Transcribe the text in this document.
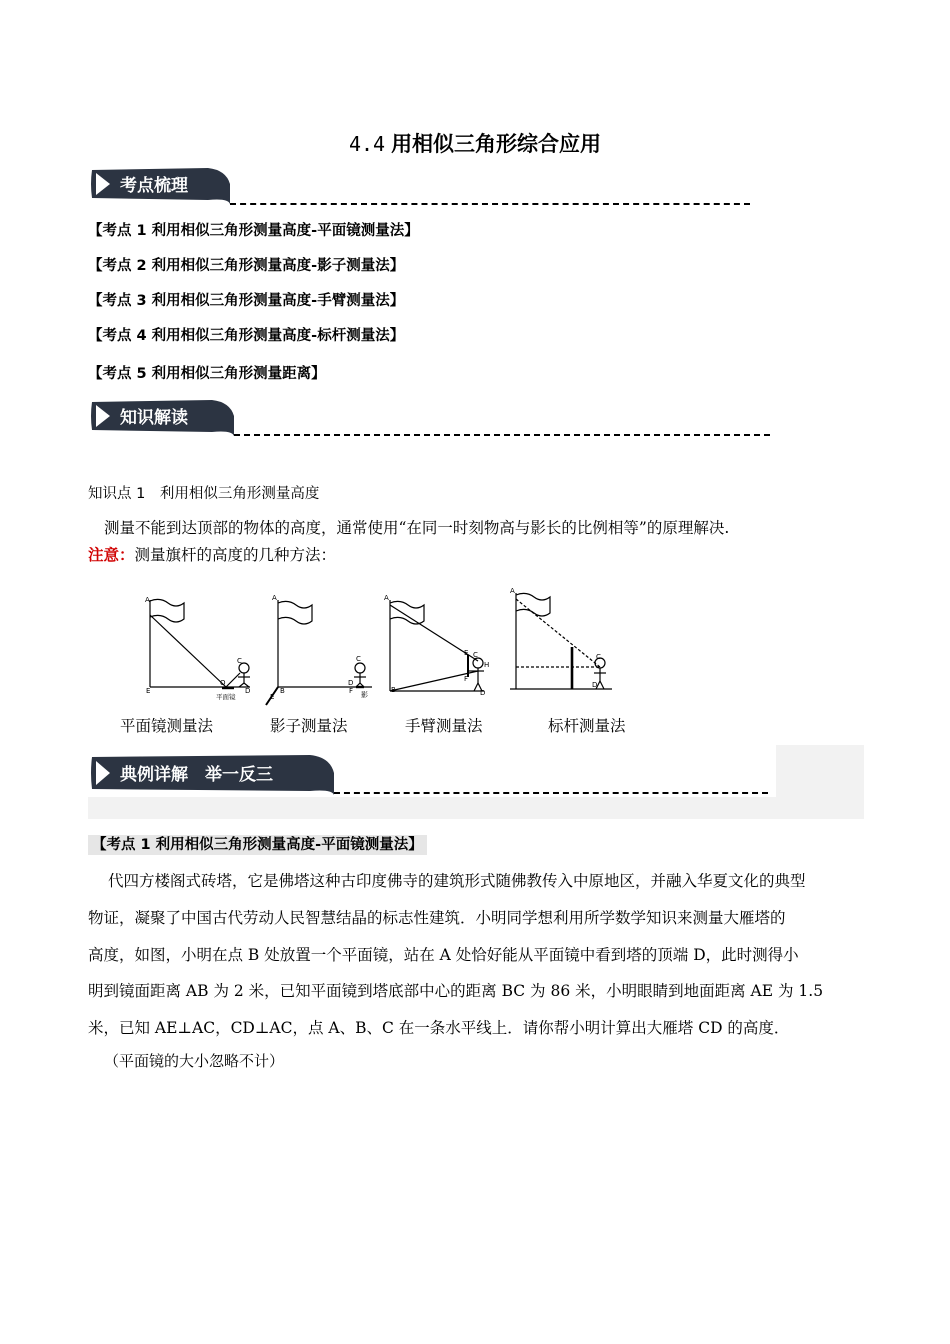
4.4 用相似三角形综合应用
考点梳理
【考点 1 利用相似三角形测量高度-平面镜测量法】
【考点 2 利用相似三角形测量高度-影子测量法】
【考点 3 利用相似三角形测量高度-手臂测量法】
【考点 4 利用相似三角形测量高度-标杆测量法】
【考点 5 利用相似三角形测量距离】
知识解读
知识点 1　利用相似三角形测量高度
测量不能到达顶部的物体的高度，通常使用“在同一时刻物高与影长的比例相等”的原理解决.
注意：测量旗杆的高度的几种方法：
A
E
O
C
D
平面镜
A
B
E
C
F
D
影
A
B
E C
H
F
D
A
C
D
平面镜测量法	影子测量法	手臂测量法	标杆测量法
典例详解　举一反三
【考点 1 利用相似三角形测量高度-平面镜测量法】
代四方楼阁式砖塔，它是佛塔这种古印度佛寺的建筑形式随佛教传入中原地区，并融入华夏文化的典型
物证，凝聚了中国古代劳动人民智慧结晶的标志性建筑．小明同学想利用所学数学知识来测量大雁塔的
高度，如图，小明在点 B 处放置一个平面镜，站在 A 处恰好能从平面镜中看到塔的顶端 D，此时测得小
明到镜面距离 AB 为 2 米，已知平面镜到塔底部中心的距离 BC 为 86 米，小明眼睛到地面距离 AE 为 1.5
米，已知 AE⊥AC，CD⊥AC，点 A、B、C 在一条水平线上．请你帮小明计算出大雁塔 CD 的高度．
（平面镜的大小忽略不计）
